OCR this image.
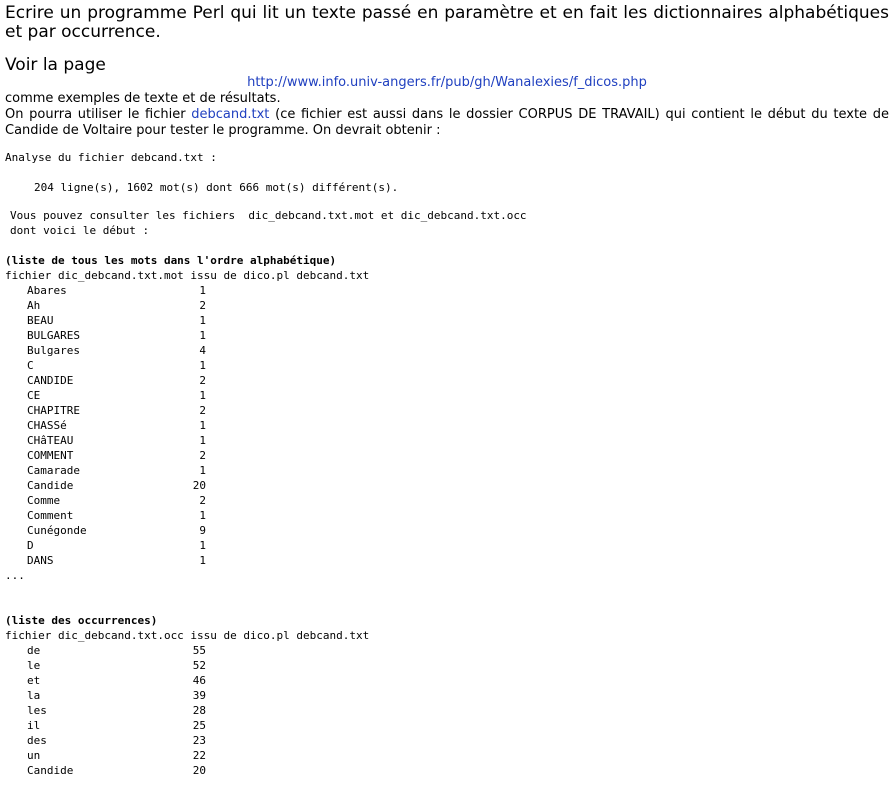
Ecrire un programme Perl qui lit un texte passé en paramètre et en fait les dictionnaires alphabétiques et par occurrence.
Voir la page
http://www.info.univ-angers.fr/pub/gh/Wanalexies/f_dicos.php

comme exemples de texte et de résultats.

On pourra utiliser le fichier debcand.txt (ce fichier est aussi dans le dossier CORPUS DE TRAVAIL) qui contient le début du texte de Candide de Voltaire pour tester le programme. On devrait obtenir :

Analyse du fichier debcand.txt :
204 ligne(s), 1602 mot(s) dont 666 mot(s) différent(s).
Vous pouvez consulter les fichiers  dic_debcand.txt.mot et dic_debcand.txt.occ
dont voici le début :
(liste de tous les mots dans l'ordre alphabétique)
fichier dic_debcand.txt.mot issu de dico.pl debcand.txt
Abares	1
Ah	2
BEAU	1
BULGARES	1
Bulgares	4
C	1
CANDIDE	2
CE	1
CHAPITRE	2
CHASSé	1
CHâTEAU	1
COMMENT	2
Camarade	1
Candide	20
Comme	2
Comment	1
Cunégonde	9
D	1
DANS	1
...
(liste des occurrences)
fichier dic_debcand.txt.occ issu de dico.pl debcand.txt
de	55
le	52
et	46
la	39
les	28
il	25
des	23
un	22
Candide	20
